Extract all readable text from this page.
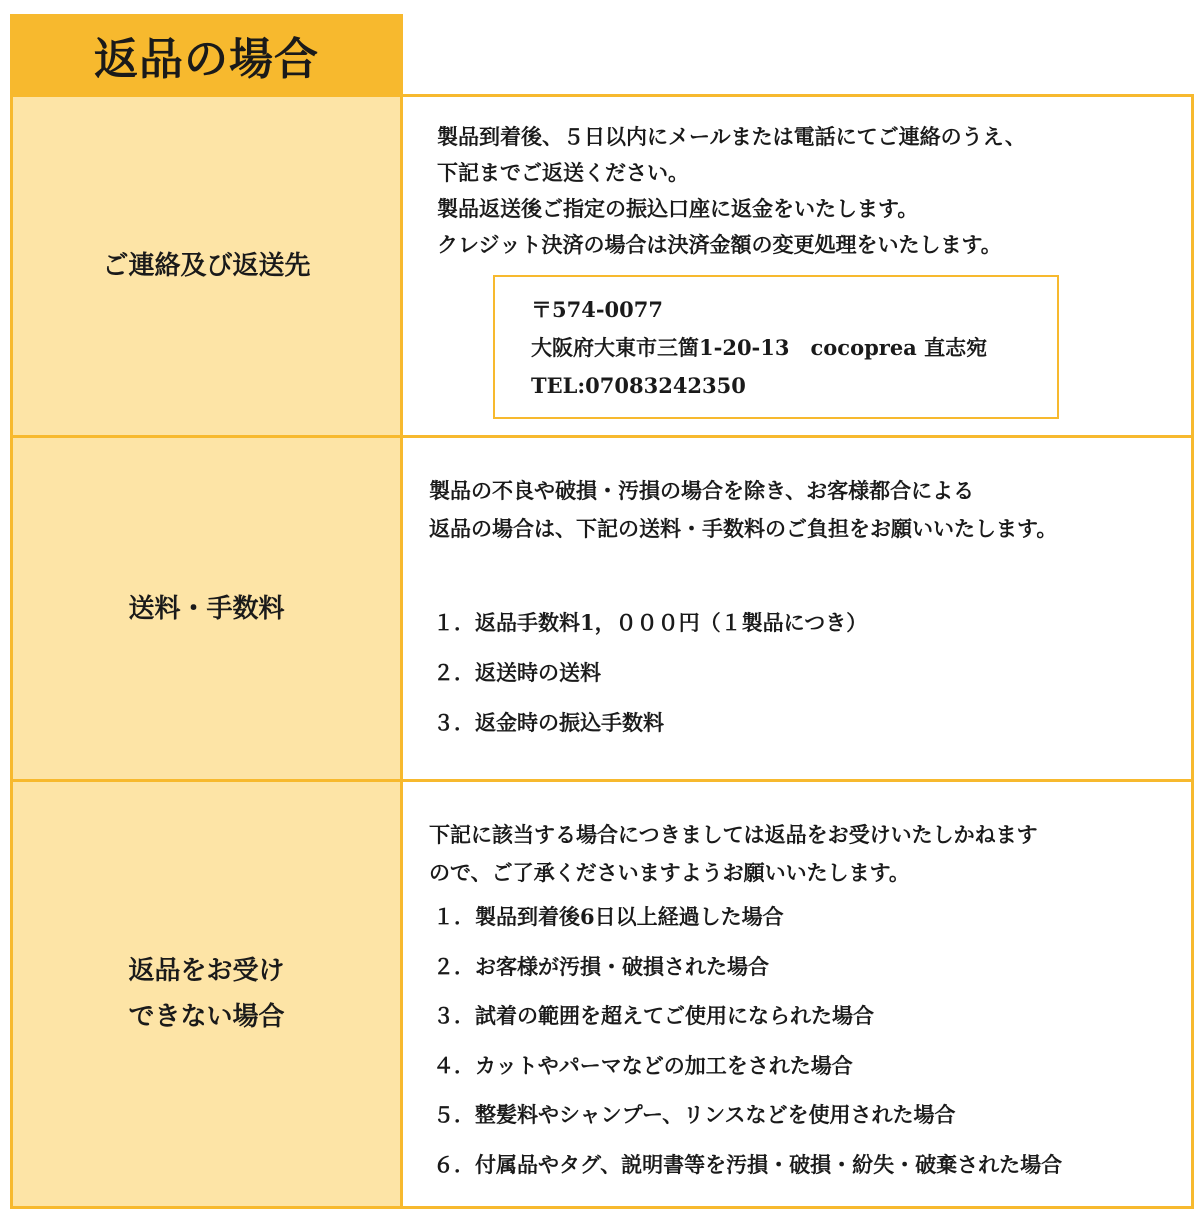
返品の場合
ご連絡及び返送先
製品到着後、５日以内にメールまたは電話にてご連絡のうえ、
下記までご返送ください。
製品返送後ご指定の振込口座に返金をいたします。
クレジット決済の場合は決済金額の変更処理をいたします。
〒574-0077
大阪府大東市三箇1-20-13　cocoprea 直志宛
TEL:07083242350
送料・手数料
製品の不良や破損・汚損の場合を除き、お客様都合による
返品の場合は、下記の送料・手数料のご負担をお願いいたします。
１．返品手数料1，０００円（１製品につき）
２．返送時の送料
３．返金時の振込手数料
返品をお受け
できない場合
下記に該当する場合につきましては返品をお受けいたしかねます
ので、ご了承くださいますようお願いいたします。
１．製品到着後6日以上経過した場合
２．お客様が汚損・破損された場合
３．試着の範囲を超えてご使用になられた場合
４．カットやパーマなどの加工をされた場合
５．整髪料やシャンプー、リンスなどを使用された場合
６．付属品やタグ、説明書等を汚損・破損・紛失・破棄された場合
